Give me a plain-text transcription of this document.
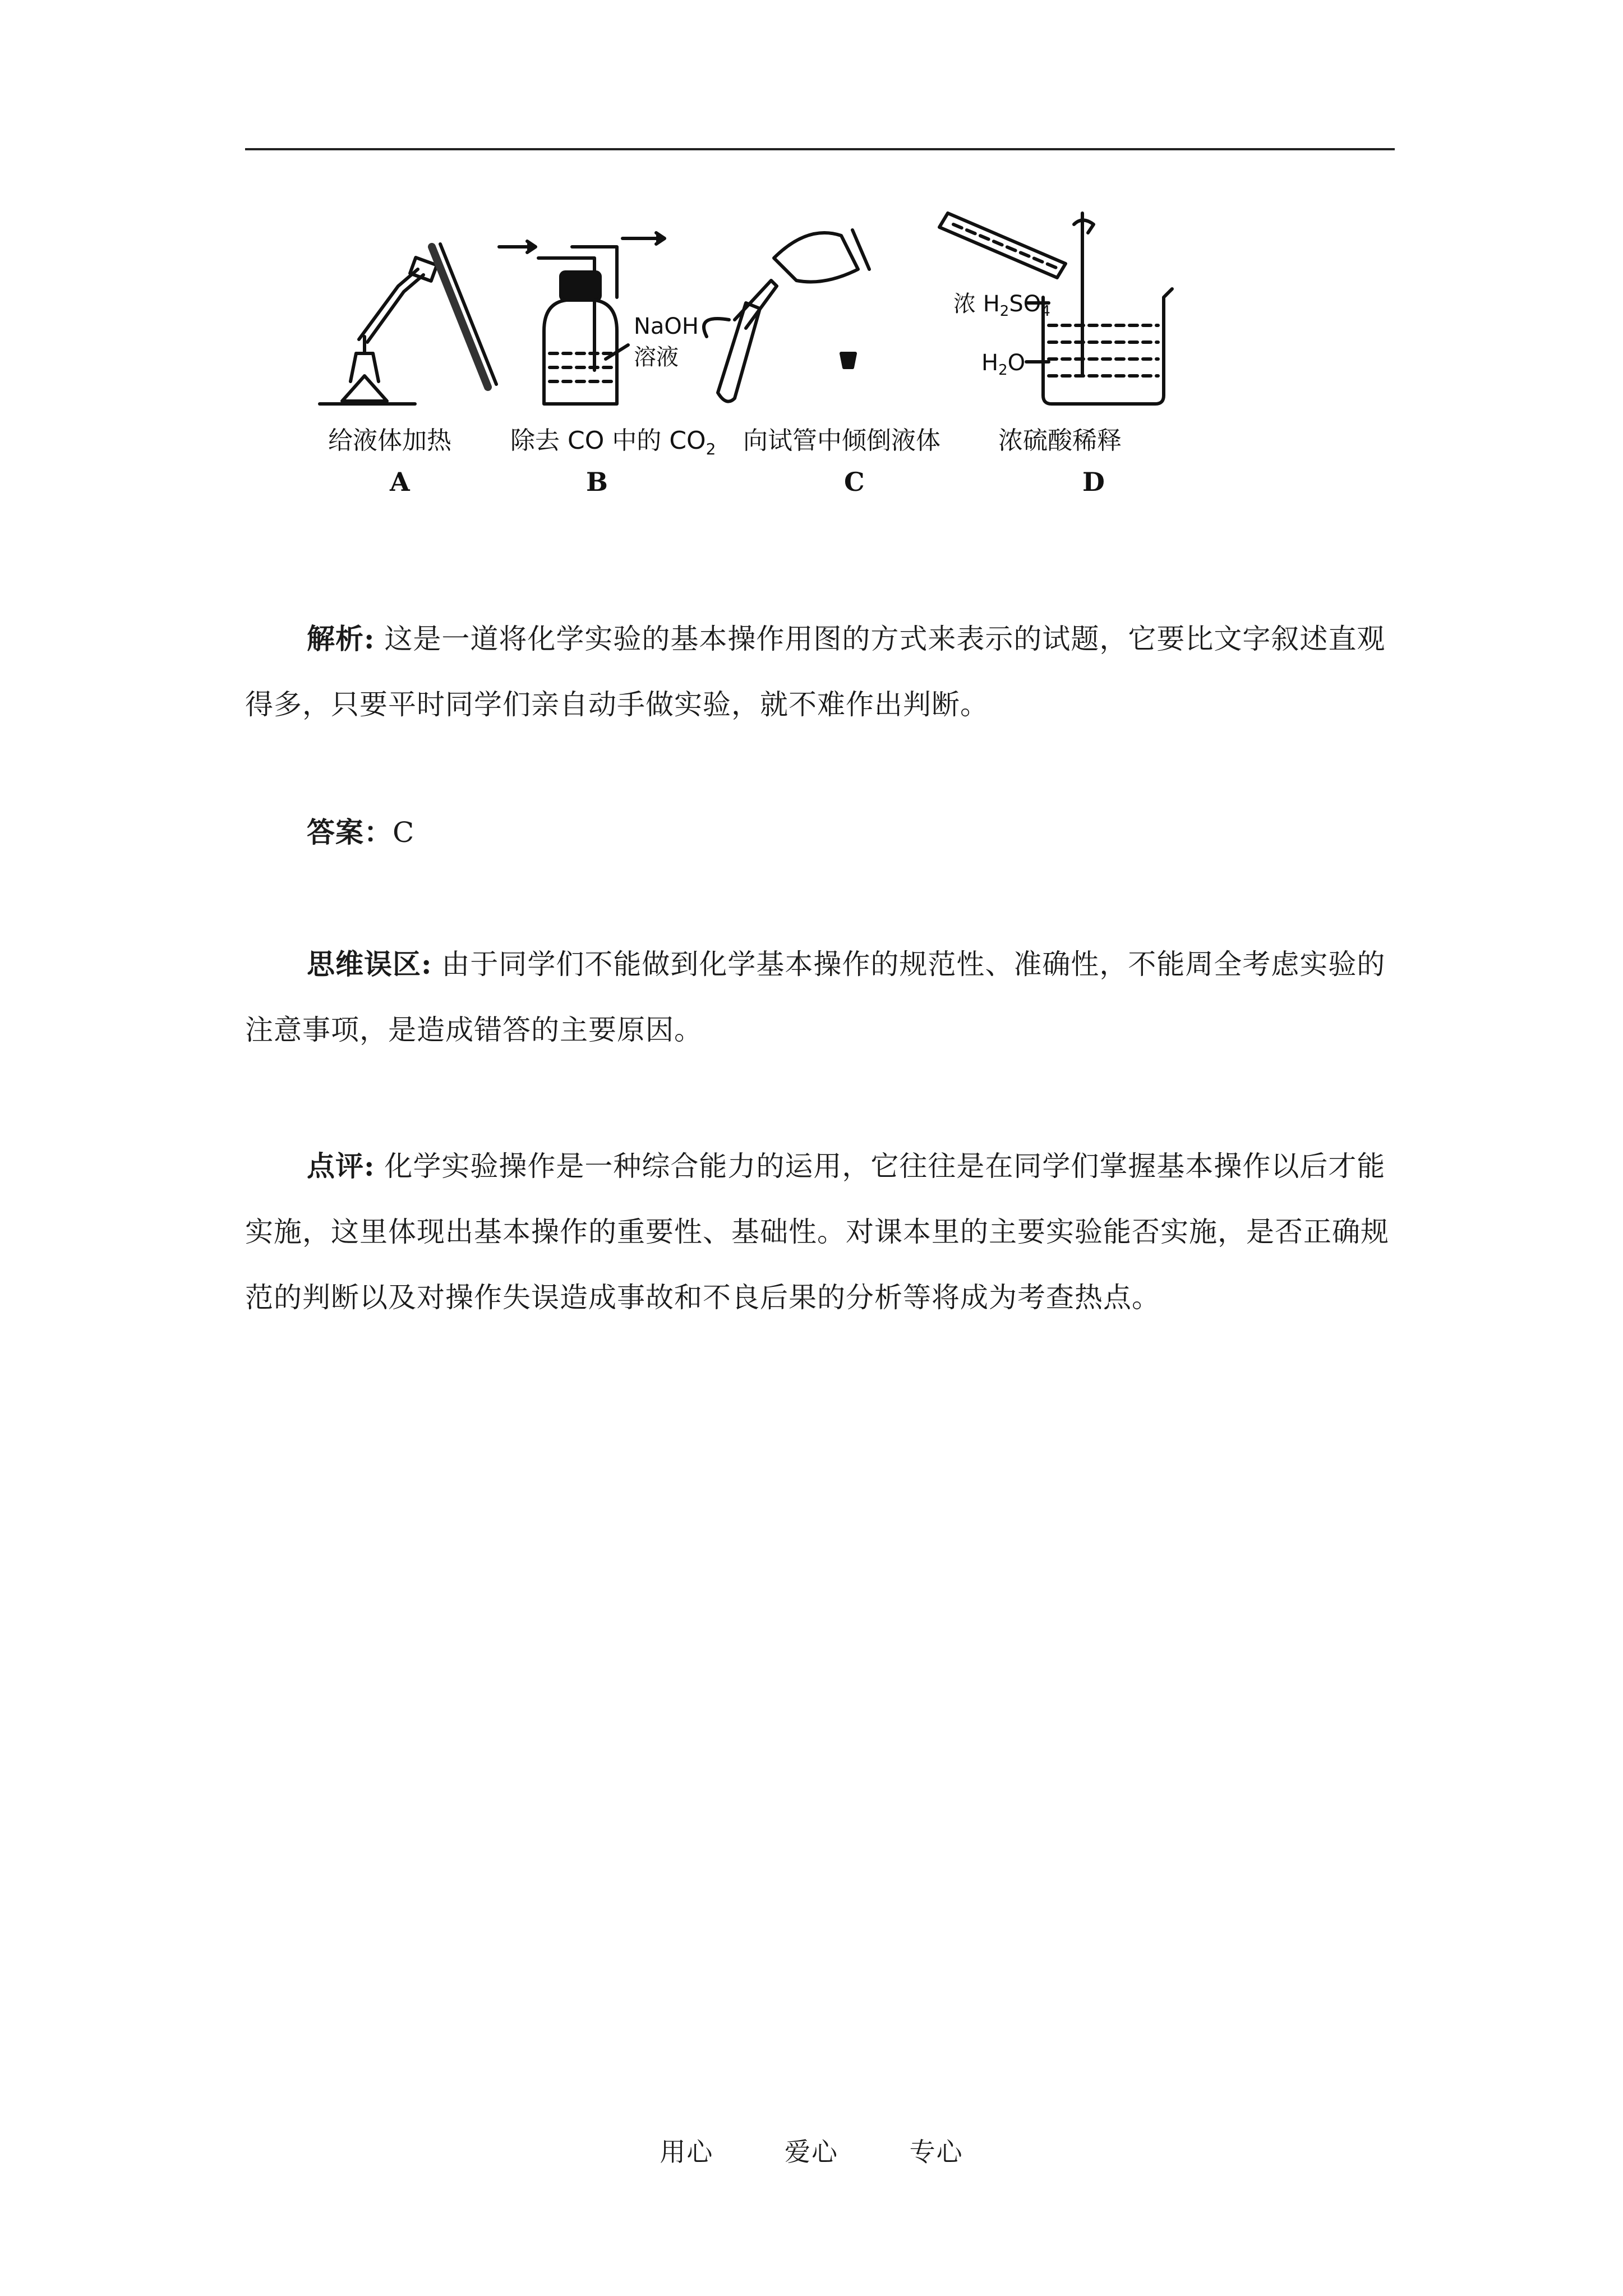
给液体加热
A
NaOH
溶液
除去 CO 中的 $CO_2$
B
向试管中倾倒液体
C
浓 $H_2SO_4$
$H_2O$
浓硫酸稀释
D

解析: 这是一道将化学实验的基本操作用图的方式来表示的试题，它要比文字叙述直观得多，只要平时同学们亲自动手做实验，就不难作出判断。

答案：C

思维误区: 由于同学们不能做到化学基本操作的规范性、准确性，不能周全考虑实验的注意事项，是造成错答的主要原因。

点评: 化学实验操作是一种综合能力的运用，它往往是在同学们掌握基本操作以后才能实施，这里体现出基本操作的重要性、基础性。对课本里的主要实验能否实施，是否正确规范的判断以及对操作失误造成事故和不良后果的分析等将成为考查热点。

用心	爱心	专心
